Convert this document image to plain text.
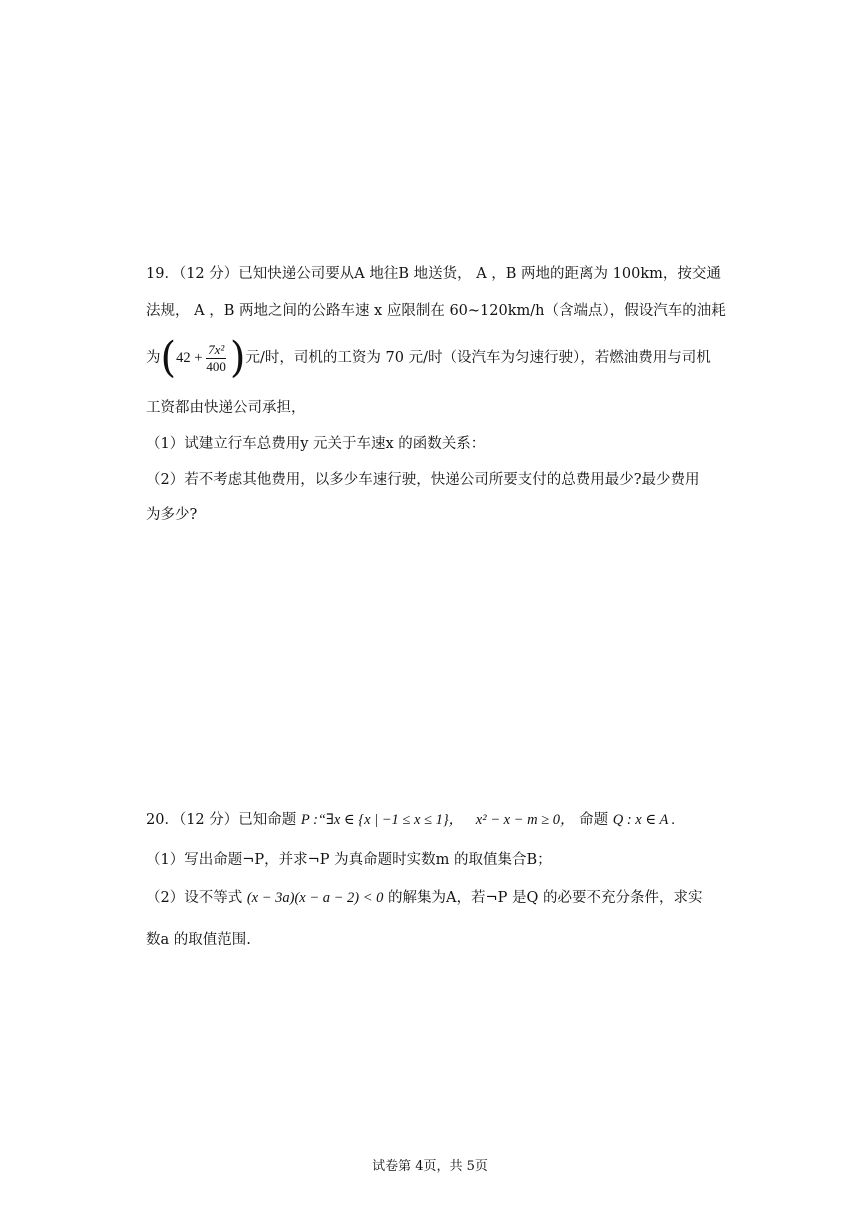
19．（12 分）已知快递公司要从A 地往B 地送货， A ，B 两地的距离为 100km，按交通
法规， A ，B 两地之间的公路车速 x 应限制在 60~120km/h（含端点），假设汽车的油耗
为 ( $42 + \frac{\text{7x²}}{400}$ ) 元/时，司机的工资为 70 元/时（设汽车为匀速行驶），若燃油费用与司机
工资都由快递公司承担，
（1）试建立行车总费用y 元关于车速x 的函数关系：
（2）若不考虑其他费用，以多少车速行驶，快递公司所要支付的总费用最少?最少费用
为多少?
20．（12 分）已知命题 P :“∃x ∈ {x | −1 ≤ x ≤ 1}， x² − x − m ≥ 0， 命题 Q : x ∈ A .
（1）写出命题¬P，并求¬P 为真命题时实数m 的取值集合B；
（2）设不等式 (x − 3a)(x − a − 2) < 0 的解集为A，若¬P 是Q 的必要不充分条件，求实
数a 的取值范围.
试卷第 4页，共 5页
